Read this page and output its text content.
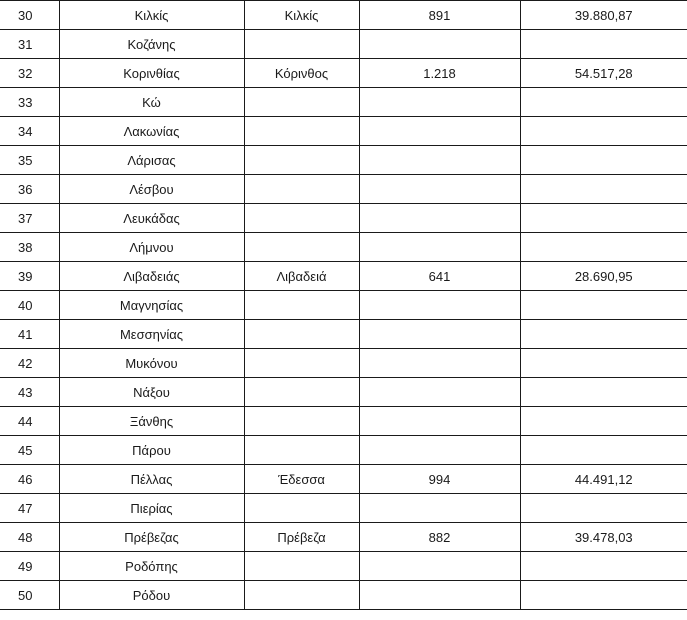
30	Κιλκίς	Κιλκίς	891	39.880,87
31	Κοζάνης			
32	Κορινθίας	Κόρινθος	1.218	54.517,28
33	Κώ			
34	Λακωνίας			
35	Λάρισας			
36	Λέσβου			
37	Λευκάδας			
38	Λήμνου			
39	Λιβαδειάς	Λιβαδειά	641	28.690,95
40	Μαγνησίας			
41	Μεσσηνίας			
42	Μυκόνου			
43	Νάξου			
44	Ξάνθης			
45	Πάρου			
46	Πέλλας	Έδεσσα	994	44.491,12
47	Πιερίας			
48	Πρέβεζας	Πρέβεζα	882	39.478,03
49	Ροδόπης			
50	Ρόδου			
